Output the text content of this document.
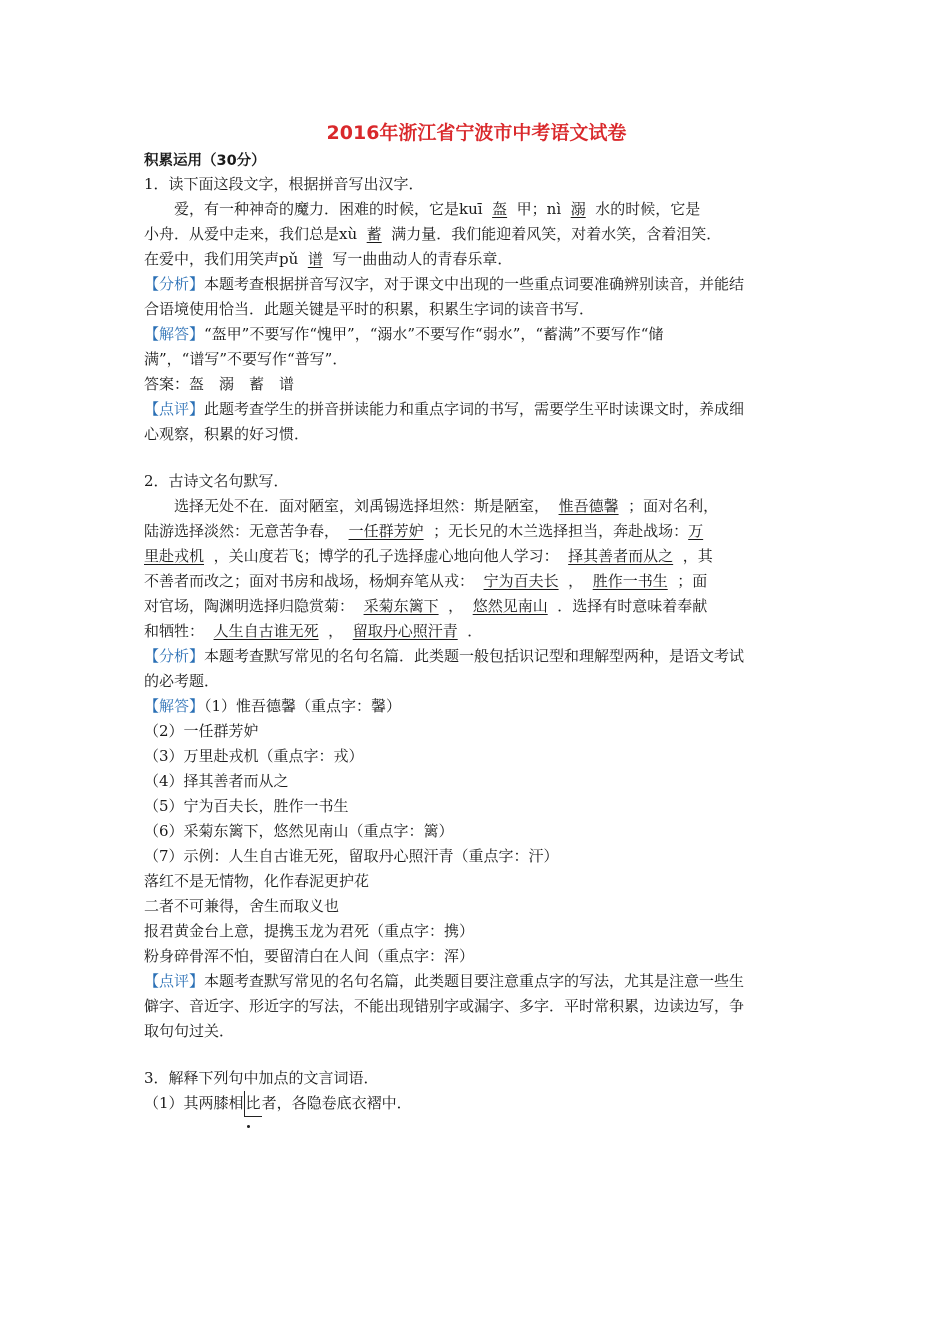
2016年浙江省宁波市中考语文试卷
积累运用（30分）
1．读下面这段文字，根据拼音写出汉字．
爱，有一种神奇的魔力．困难的时候，它是kuī 盔 甲；nì 溺 水的时候，它是
小舟．从爱中走来，我们总是xù 蓄 满力量．我们能迎着风笑，对着水笑，含着泪笑．
在爱中，我们用笑声pǔ 谱 写一曲曲动人的青春乐章．
【分析】本题考查根据拼音写汉字，对于课文中出现的一些重点词要准确辨别读音，并能结
合语境使用恰当．此题关键是平时的积累，积累生字词的读音书写．
【解答】“盔甲”不要写作“愧甲”，“溺水”不要写作“弱水”，“蓄满”不要写作“储
满”，“谱写”不要写作“普写”．
答案：盔　溺　蓄　谱
【点评】此题考查学生的拼音拼读能力和重点字词的书写，需要学生平时读课文时，养成细
心观察，积累的好习惯．
2．古诗文名句默写．
选择无处不在．面对陋室，刘禹锡选择坦然：斯是陋室， 惟吾德馨 ；面对名利，
陆游选择淡然：无意苦争春， 一任群芳妒 ；无长兄的木兰选择担当，奔赴战场：万
里赴戎机 ，关山度若飞；博学的孔子选择虚心地向他人学习： 择其善者而从之 ，其
不善者而改之；面对书房和战场，杨炯弃笔从戎： 宁为百夫长 ， 胜作一书生 ；面
对官场，陶渊明选择归隐赏菊： 采菊东篱下 ， 悠然见南山 ．选择有时意味着奉献
和牺牲： 人生自古谁无死 ， 留取丹心照汗青 ．
【分析】本题考查默写常见的名句名篇．此类题一般包括识记型和理解型两种，是语文考试
的必考题．
【解答】（1）惟吾德馨（重点字：馨）
（2）一任群芳妒
（3）万里赴戎机（重点字：戎）
（4）择其善者而从之
（5）宁为百夫长，胜作一书生
（6）采菊东篱下，悠然见南山（重点字：篱）
（7）示例：人生自古谁无死，留取丹心照汗青（重点字：汗）
落红不是无情物，化作春泥更护花
二者不可兼得，舍生而取义也
报君黄金台上意，提携玉龙为君死（重点字：携）
粉身碎骨浑不怕，要留清白在人间（重点字：浑）
【点评】本题考查默写常见的名句名篇，此类题目要注意重点字的写法，尤其是注意一些生
僻字、音近字、形近字的写法，不能出现错别字或漏字、多字．平时常积累，边读边写，争
取句句过关．
3．解释下列句中加点的文言词语．
（1）其两膝相 比者，各隐卷底衣褶中．
